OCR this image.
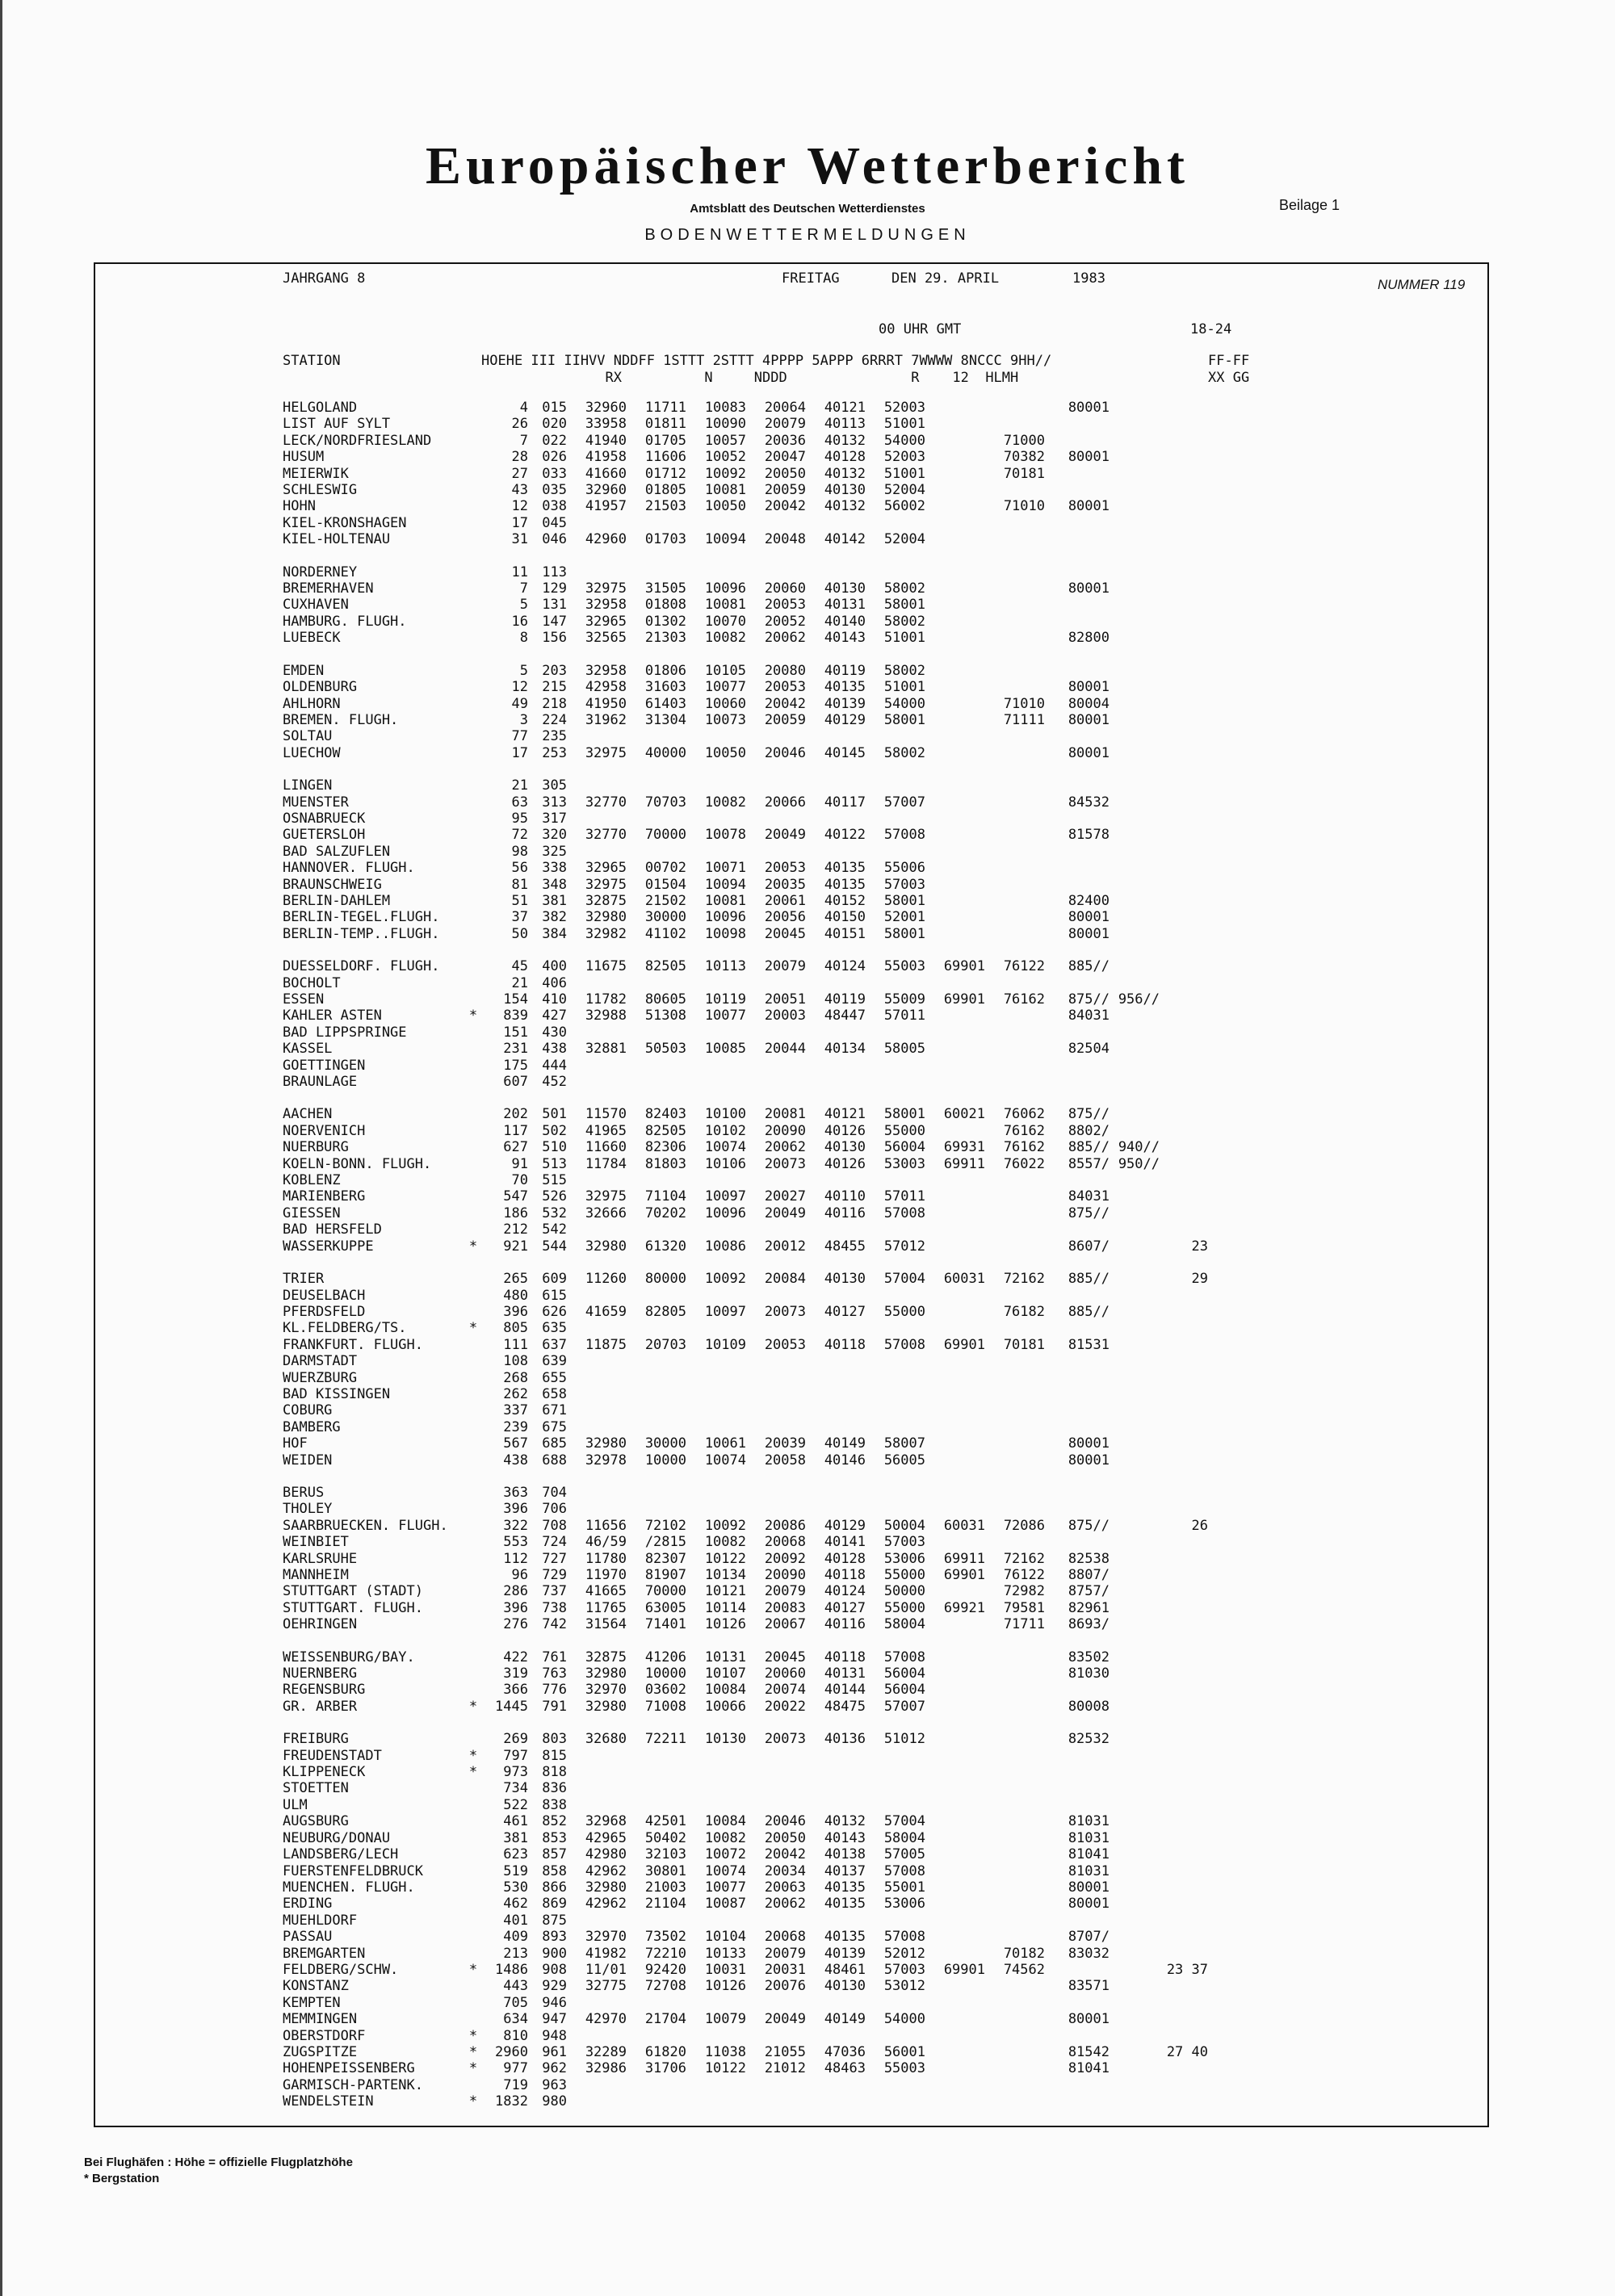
Europäischer Wetterbericht
Amtsblatt des Deutschen Wetterdienstes	Beilage 1
BODENWETTERMELDUNGEN
JAHRGANG 8	FREITAG	DEN 29. APRIL	1983	NUMMER 119
00 UHR GMT	18-24
STATION	HOEHE III IIHVV NDDFF 1STTT 2STTT 4PPPP 5APPP 6RRRT 7WWWW 8NCCC 9HH//
RX          N     NDDD               R    12  HLMH
FF-FF
XX GG
HELGOLAND		4	015	32960	11711	10083	20064	40121	52003			80001		
LIST AUF SYLT		26	020	33958	01811	10090	20079	40113	51001					
LECK/NORDFRIESLAND		7	022	41940	01705	10057	20036	40132	54000		71000			
HUSUM		28	026	41958	11606	10052	20047	40128	52003		70382	80001		
MEIERWIK		27	033	41660	01712	10092	20050	40132	51001		70181			
SCHLESWIG		43	035	32960	01805	10081	20059	40130	52004					
HOHN		12	038	41957	21503	10050	20042	40132	56002		71010	80001		
KIEL-KRONSHAGEN		17	045											
KIEL-HOLTENAU		31	046	42960	01703	10094	20048	40142	52004					

NORDERNEY		11	113											
BREMERHAVEN		7	129	32975	31505	10096	20060	40130	58002			80001		
CUXHAVEN		5	131	32958	01808	10081	20053	40131	58001					
HAMBURG. FLUGH.		16	147	32965	01302	10070	20052	40140	58002					
LUEBECK		8	156	32565	21303	10082	20062	40143	51001			82800		

EMDEN		5	203	32958	01806	10105	20080	40119	58002					
OLDENBURG		12	215	42958	31603	10077	20053	40135	51001			80001		
AHLHORN		49	218	41950	61403	10060	20042	40139	54000		71010	80004		
BREMEN. FLUGH.		3	224	31962	31304	10073	20059	40129	58001		71111	80001		
SOLTAU		77	235											
LUECHOW		17	253	32975	40000	10050	20046	40145	58002			80001		

LINGEN		21	305											
MUENSTER		63	313	32770	70703	10082	20066	40117	57007			84532		
OSNABRUECK		95	317											
GUETERSLOH		72	320	32770	70000	10078	20049	40122	57008			81578		
BAD SALZUFLEN		98	325											
HANNOVER. FLUGH.		56	338	32965	00702	10071	20053	40135	55006					
BRAUNSCHWEIG		81	348	32975	01504	10094	20035	40135	57003					
BERLIN-DAHLEM		51	381	32875	21502	10081	20061	40152	58001			82400		
BERLIN-TEGEL.FLUGH.		37	382	32980	30000	10096	20056	40150	52001			80001		
BERLIN-TEMP..FLUGH.		50	384	32982	41102	10098	20045	40151	58001			80001		

DUESSELDORF. FLUGH.		45	400	11675	82505	10113	20079	40124	55003	69901	76122	885//		
BOCHOLT		21	406											
ESSEN		154	410	11782	80605	10119	20051	40119	55009	69901	76162	875//	956//	
KAHLER ASTEN	*	839	427	32988	51308	10077	20003	48447	57011			84031		
BAD LIPPSPRINGE		151	430											
KASSEL		231	438	32881	50503	10085	20044	40134	58005			82504		
GOETTINGEN		175	444											
BRAUNLAGE		607	452											

AACHEN		202	501	11570	82403	10100	20081	40121	58001	60021	76062	875//		
NOERVENICH		117	502	41965	82505	10102	20090	40126	55000		76162	8802/		
NUERBURG		627	510	11660	82306	10074	20062	40130	56004	69931	76162	885//	940//	
KOELN-BONN. FLUGH.		91	513	11784	81803	10106	20073	40126	53003	69911	76022	8557/	950//	
KOBLENZ		70	515											
MARIENBERG		547	526	32975	71104	10097	20027	40110	57011			84031		
GIESSEN		186	532	32666	70202	10096	20049	40116	57008			875//		
BAD HERSFELD		212	542											
WASSERKUPPE	*	921	544	32980	61320	10086	20012	48455	57012			8607/		23

TRIER		265	609	11260	80000	10092	20084	40130	57004	60031	72162	885//		29
DEUSELBACH		480	615											
PFERDSFELD		396	626	41659	82805	10097	20073	40127	55000		76182	885//		
KL.FELDBERG/TS.	*	805	635											
FRANKFURT. FLUGH.		111	637	11875	20703	10109	20053	40118	57008	69901	70181	81531		
DARMSTADT		108	639											
WUERZBURG		268	655											
BAD KISSINGEN		262	658											
COBURG		337	671											
BAMBERG		239	675											
HOF		567	685	32980	30000	10061	20039	40149	58007			80001		
WEIDEN		438	688	32978	10000	10074	20058	40146	56005			80001		

BERUS		363	704											
THOLEY		396	706											
SAARBRUECKEN. FLUGH.		322	708	11656	72102	10092	20086	40129	50004	60031	72086	875//		26
WEINBIET		553	724	46/59	/2815	10082	20068	40141	57003					
KARLSRUHE		112	727	11780	82307	10122	20092	40128	53006	69911	72162	82538		
MANNHEIM		96	729	11970	81907	10134	20090	40118	55000	69901	76122	8807/		
STUTTGART (STADT)		286	737	41665	70000	10121	20079	40124	50000		72982	8757/		
STUTTGART. FLUGH.		396	738	11765	63005	10114	20083	40127	55000	69921	79581	82961		
OEHRINGEN		276	742	31564	71401	10126	20067	40116	58004		71711	8693/		

WEISSENBURG/BAY.		422	761	32875	41206	10131	20045	40118	57008			83502		
NUERNBERG		319	763	32980	10000	10107	20060	40131	56004			81030		
REGENSBURG		366	776	32970	03602	10084	20074	40144	56004					
GR. ARBER	*	1445	791	32980	71008	10066	20022	48475	57007			80008		

FREIBURG		269	803	32680	72211	10130	20073	40136	51012			82532		
FREUDENSTADT	*	797	815											
KLIPPENECK	*	973	818											
STOETTEN		734	836											
ULM		522	838											
AUGSBURG		461	852	32968	42501	10084	20046	40132	57004			81031		
NEUBURG/DONAU		381	853	42965	50402	10082	20050	40143	58004			81031		
LANDSBERG/LECH		623	857	42980	32103	10072	20042	40138	57005			81041		
FUERSTENFELDBRUCK		519	858	42962	30801	10074	20034	40137	57008			81031		
MUENCHEN. FLUGH.		530	866	32980	21003	10077	20063	40135	55001			80001		
ERDING		462	869	42962	21104	10087	20062	40135	53006			80001		
MUEHLDORF		401	875											
PASSAU		409	893	32970	73502	10104	20068	40135	57008			8707/		
BREMGARTEN		213	900	41982	72210	10133	20079	40139	52012		70182	83032		
FELDBERG/SCHW.	*	1486	908	11/01	92420	10031	20031	48461	57003	69901	74562			23 37
KONSTANZ		443	929	32775	72708	10126	20076	40130	53012			83571		
KEMPTEN		705	946											
MEMMINGEN		634	947	42970	21704	10079	20049	40149	54000			80001		
OBERSTDORF	*	810	948											
ZUGSPITZE	*	2960	961	32289	61820	11038	21055	47036	56001			81542		27 40
HOHENPEISSENBERG	*	977	962	32986	31706	10122	21012	48463	55003			81041		
GARMISCH-PARTENK.		719	963											
WENDELSTEIN	*	1832	980											
Bei Flughäfen : Höhe = offizielle Flugplatzhöhe
* Bergstation
